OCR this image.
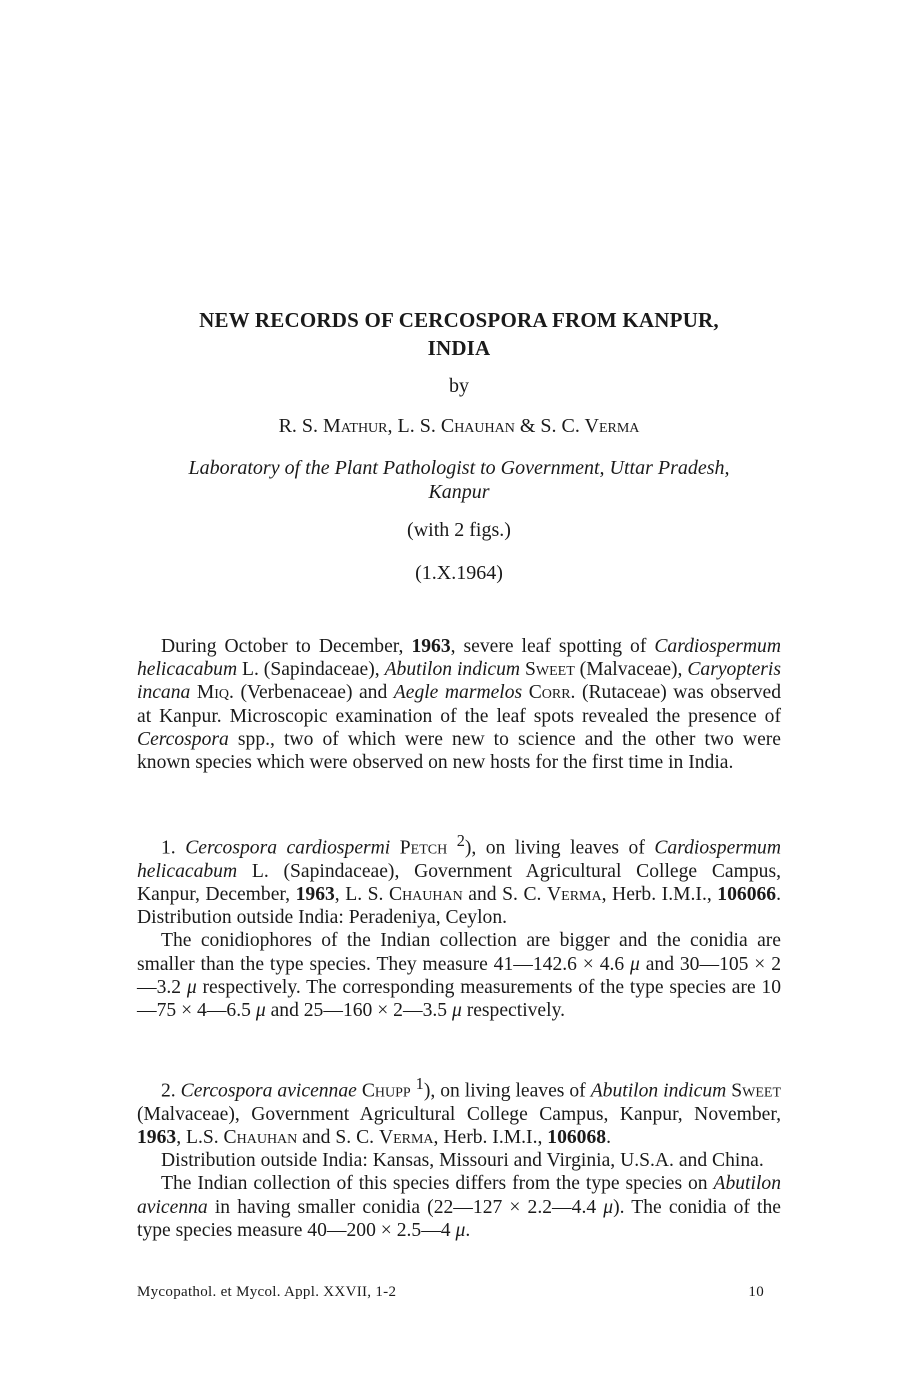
NEW RECORDS OF CERCOSPORA FROM KANPUR,
INDIA
by
R. S. Mathur, L. S. Chauhan & S. C. Verma
Laboratory of the Plant Pathologist to Government, Uttar Pradesh,
Kanpur
(with 2 figs.)
(1.X.1964)

During October to December, 1963, severe leaf spotting of Cardiospermum helicacabum L. (Sapindaceae), Abutilon indicum Sweet (Malvaceae), Caryopteris incana Miq. (Verbenaceae) and Aegle marmelos Corr. (Rutaceae) was observed at Kanpur. Microscopic examination of the leaf spots revealed the presence of Cercospora spp., two of which were new to science and the other two were known species which were observed on new hosts for the first time in India.

1. Cercospora cardiospermi Petch $^2$), on living leaves of Cardiospermum helicacabum L. (Sapindaceae), Government Agricultural College Campus, Kanpur, December, 1963, L. S. Chauhan and S. C. Verma, Herb. I.M.I., 106066. Distribution outside India: Peradeniya, Ceylon.

The conidiophores of the Indian collection are bigger and the conidia are smaller than the type species. They measure 41—142.6 × 4.6 μ and 30—105 × 2—3.2 μ respectively. The corresponding measurements of the type species are 10—75 × 4—6.5 μ and 25—160 × 2—3.5 μ respectively.

2. Cercospora avicennae Chupp $^1$), on living leaves of Abutilon indicum Sweet (Malvaceae), Government Agricultural College Campus, Kanpur, November, 1963, L.S. Chauhan and S. C. Verma, Herb. I.M.I., 106068.

Distribution outside India: Kansas, Missouri and Virginia, U.S.A. and China.

The Indian collection of this species differs from the type species on Abutilon avicenna in having smaller conidia (22—127 × 2.2—4.4 μ). The conidia of the type species measure 40—200 × 2.5—4 μ.

Mycopathol. et Mycol. Appl. XXVII, 1-2	10
